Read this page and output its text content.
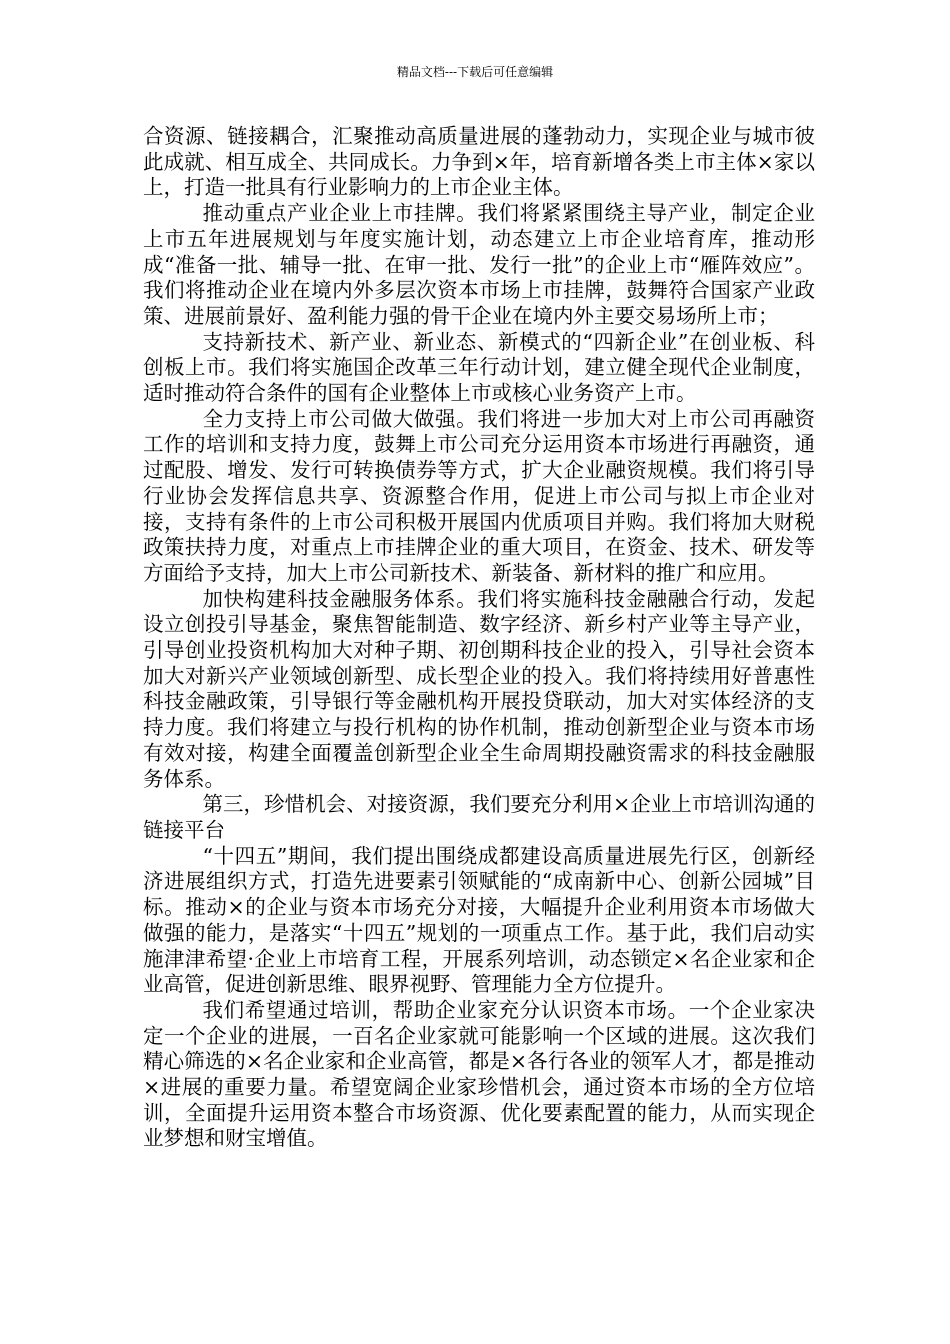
精品文档---下载后可任意编辑

合资源、链接耦合，汇聚推动高质量进展的蓬勃动力，实现企业与城市彼此成就、相互成全、共同成长。力争到×年，培育新增各类上市主体×家以上，打造一批具有行业影响力的上市企业主体。

推动重点产业企业上市挂牌。我们将紧紧围绕主导产业，制定企业上市五年进展规划与年度实施计划，动态建立上市企业培育库，推动形成“准备一批、辅导一批、在审一批、发行一批”的企业上市“雁阵效应”。我们将推动企业在境内外多层次资本市场上市挂牌，鼓舞符合国家产业政策、进展前景好、盈利能力强的骨干企业在境内外主要交易场所上市；

支持新技术、新产业、新业态、新模式的“四新企业”在创业板、科创板上市。我们将实施国企改革三年行动计划，建立健全现代企业制度，适时推动符合条件的国有企业整体上市或核心业务资产上市。

全力支持上市公司做大做强。我们将进一步加大对上市公司再融资工作的培训和支持力度，鼓舞上市公司充分运用资本市场进行再融资，通过配股、增发、发行可转换债券等方式，扩大企业融资规模。我们将引导行业协会发挥信息共享、资源整合作用，促进上市公司与拟上市企业对接，支持有条件的上市公司积极开展国内优质项目并购。我们将加大财税政策扶持力度，对重点上市挂牌企业的重大项目，在资金、技术、研发等方面给予支持，加大上市公司新技术、新装备、新材料的推广和应用。

加快构建科技金融服务体系。我们将实施科技金融融合行动，发起设立创投引导基金，聚焦智能制造、数字经济、新乡村产业等主导产业，引导创业投资机构加大对种子期、初创期科技企业的投入，引导社会资本加大对新兴产业领域创新型、成长型企业的投入。我们将持续用好普惠性科技金融政策，引导银行等金融机构开展投贷联动，加大对实体经济的支持力度。我们将建立与投行机构的协作机制，推动创新型企业与资本市场有效对接，构建全面覆盖创新型企业全生命周期投融资需求的科技金融服务体系。

第三，珍惜机会、对接资源，我们要充分利用×企业上市培训沟通的链接平台

“十四五”期间，我们提出围绕成都建设高质量进展先行区，创新经济进展组织方式，打造先进要素引领赋能的“成南新中心、创新公园城”目标。推动×的企业与资本市场充分对接，大幅提升企业利用资本市场做大做强的能力，是落实“十四五”规划的一项重点工作。基于此，我们启动实施津津希望·企业上市培育工程，开展系列培训，动态锁定×名企业家和企业高管，促进创新思维、眼界视野、管理能力全方位提升。

我们希望通过培训，帮助企业家充分认识资本市场。一个企业家决定一个企业的进展，一百名企业家就可能影响一个区域的进展。这次我们精心筛选的×名企业家和企业高管，都是×各行各业的领军人才，都是推动×进展的重要力量。希望宽阔企业家珍惜机会，通过资本市场的全方位培训，全面提升运用资本整合市场资源、优化要素配置的能力，从而实现企业梦想和财宝增值。
